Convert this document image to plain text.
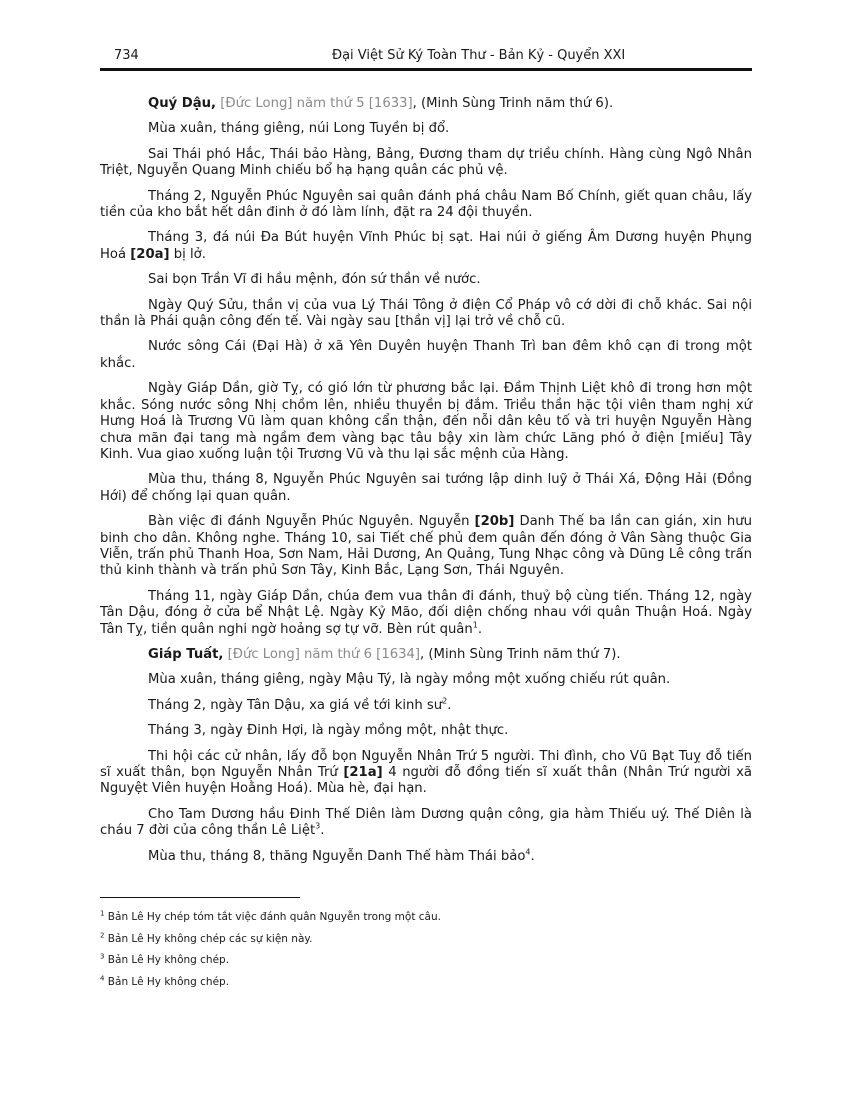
734	Đại Việt Sử Ký Toàn Thư - Bản Kỷ - Quyển XXI

Quý Dậu, [Đức Long] năm thứ 5 [1633], (Minh Sùng Trinh năm thứ 6).

Mùa xuân, tháng giêng, núi Long Tuyền bị đổ.

Sai Thái phó Hắc, Thái bảo Hàng, Bảng, Đương tham dự triều chính. Hàng cùng Ngô Nhân Triệt, Nguyễn Quang Minh chiếu bổ hạ hạng quân các phủ vệ.

Tháng 2, Nguyễn Phúc Nguyên sai quân đánh phá châu Nam Bố Chính, giết quan châu, lấy tiền của kho bắt hết dân đinh ở đó làm lính, đặt ra 24 đội thuyền.

Tháng 3, đá núi Đa Bút huyện Vĩnh Phúc bị sạt. Hai núi ở giếng Âm Dương huyện Phụng Hoá [20a] bị lở.

Sai bọn Trần Vĩ đi hầu mệnh, đón sứ thần về nước.

Ngày Quý Sửu, thần vị của vua Lý Thái Tông ở điện Cổ Pháp vô cớ dời đi chỗ khác. Sai nội thần là Phái quận công đến tế. Vài ngày sau [thần vị] lại trở về chỗ cũ.

Nước sông Cái (Đại Hà) ở xã Yên Duyên huyện Thanh Trì ban đêm khô cạn đi trong một khắc.

Ngày Giáp Dần, giờ Tỵ, có gió lớn từ phương bắc lại. Đầm Thịnh Liệt khô đi trong hơn một khắc. Sóng nước sông Nhị chồm lên, nhiều thuyền bị đắm. Triều thần hặc tội viên tham nghị xứ Hưng Hoá là Trương Vũ làm quan không cẩn thận, đến nỗi dân kêu tố và tri huyện Nguyễn Hàng chưa mãn đại tang mà ngầm đem vàng bạc tâu bậy xin làm chức Lăng phó ở điện [miếu] Tây Kinh. Vua giao xuống luận tội Trương Vũ và thu lại sắc mệnh của Hàng.

Mùa thu, tháng 8, Nguyễn Phúc Nguyên sai tướng lập dinh luỹ ở Thái Xá, Động Hải (Đồng Hới) để chống lại quan quân.

Bàn việc đi đánh Nguyễn Phúc Nguyên. Nguyễn [20b] Danh Thế ba lần can gián, xin hưu binh cho dân. Không nghe. Tháng 10, sai Tiết chế phủ đem quân đến đóng ở Vân Sàng thuộc Gia Viễn, trấn phủ Thanh Hoa, Sơn Nam, Hải Dương, An Quảng, Tung Nhạc công và Dũng Lê công trấn thủ kinh thành và trấn phủ Sơn Tây, Kinh Bắc, Lạng Sơn, Thái Nguyên.

Tháng 11, ngày Giáp Dần, chúa đem vua thân đi đánh, thuỷ bộ cùng tiến. Tháng 12, ngày Tân Dậu, đóng ở cửa bể Nhật Lệ. Ngày Kỷ Mão, đối diện chống nhau với quân Thuận Hoá. Ngày Tân Tỵ, tiền quân nghi ngờ hoảng sợ tự vỡ. Bèn rút quân$^1$.

Giáp Tuất, [Đức Long] năm thứ 6 [1634], (Minh Sùng Trinh năm thứ 7).

Mùa xuân, tháng giêng, ngày Mậu Tý, là ngày mồng một xuống chiếu rút quân.

Tháng 2, ngày Tân Dậu, xa giá về tới kinh $sư^2$.

Tháng 3, ngày Đinh Hợi, là ngày mồng một, nhật thực.

Thi hội các cử nhân, lấy đỗ bọn Nguyễn Nhân Trứ 5 người. Thi đình, cho Vũ Bạt Tuỵ đỗ tiến sĩ xuất thân, bọn Nguyễn Nhân Trứ [21a] 4 người đỗ đồng tiến sĩ xuất thân (Nhân Trứ người xã Nguyệt Viên huyện Hoằng Hoá). Mùa hè, đại hạn.

Cho Tam Dương hầu Đinh Thế Diên làm Dương quận công, gia hàm Thiếu uý. Thế Diên là cháu 7 đời của công thần Lê Liệt$^3$.

Mùa thu, tháng 8, thăng Nguyễn Danh Thế hàm Thái bảo$^4$.

$^1$ Bản Lê Hy chép tóm tắt việc đánh quân Nguyễn trong một câu.
$^2$ Bản Lê Hy không chép các sự kiện này.
$^3$ Bản Lê Hy không chép.
$^4$ Bản Lê Hy không chép.
